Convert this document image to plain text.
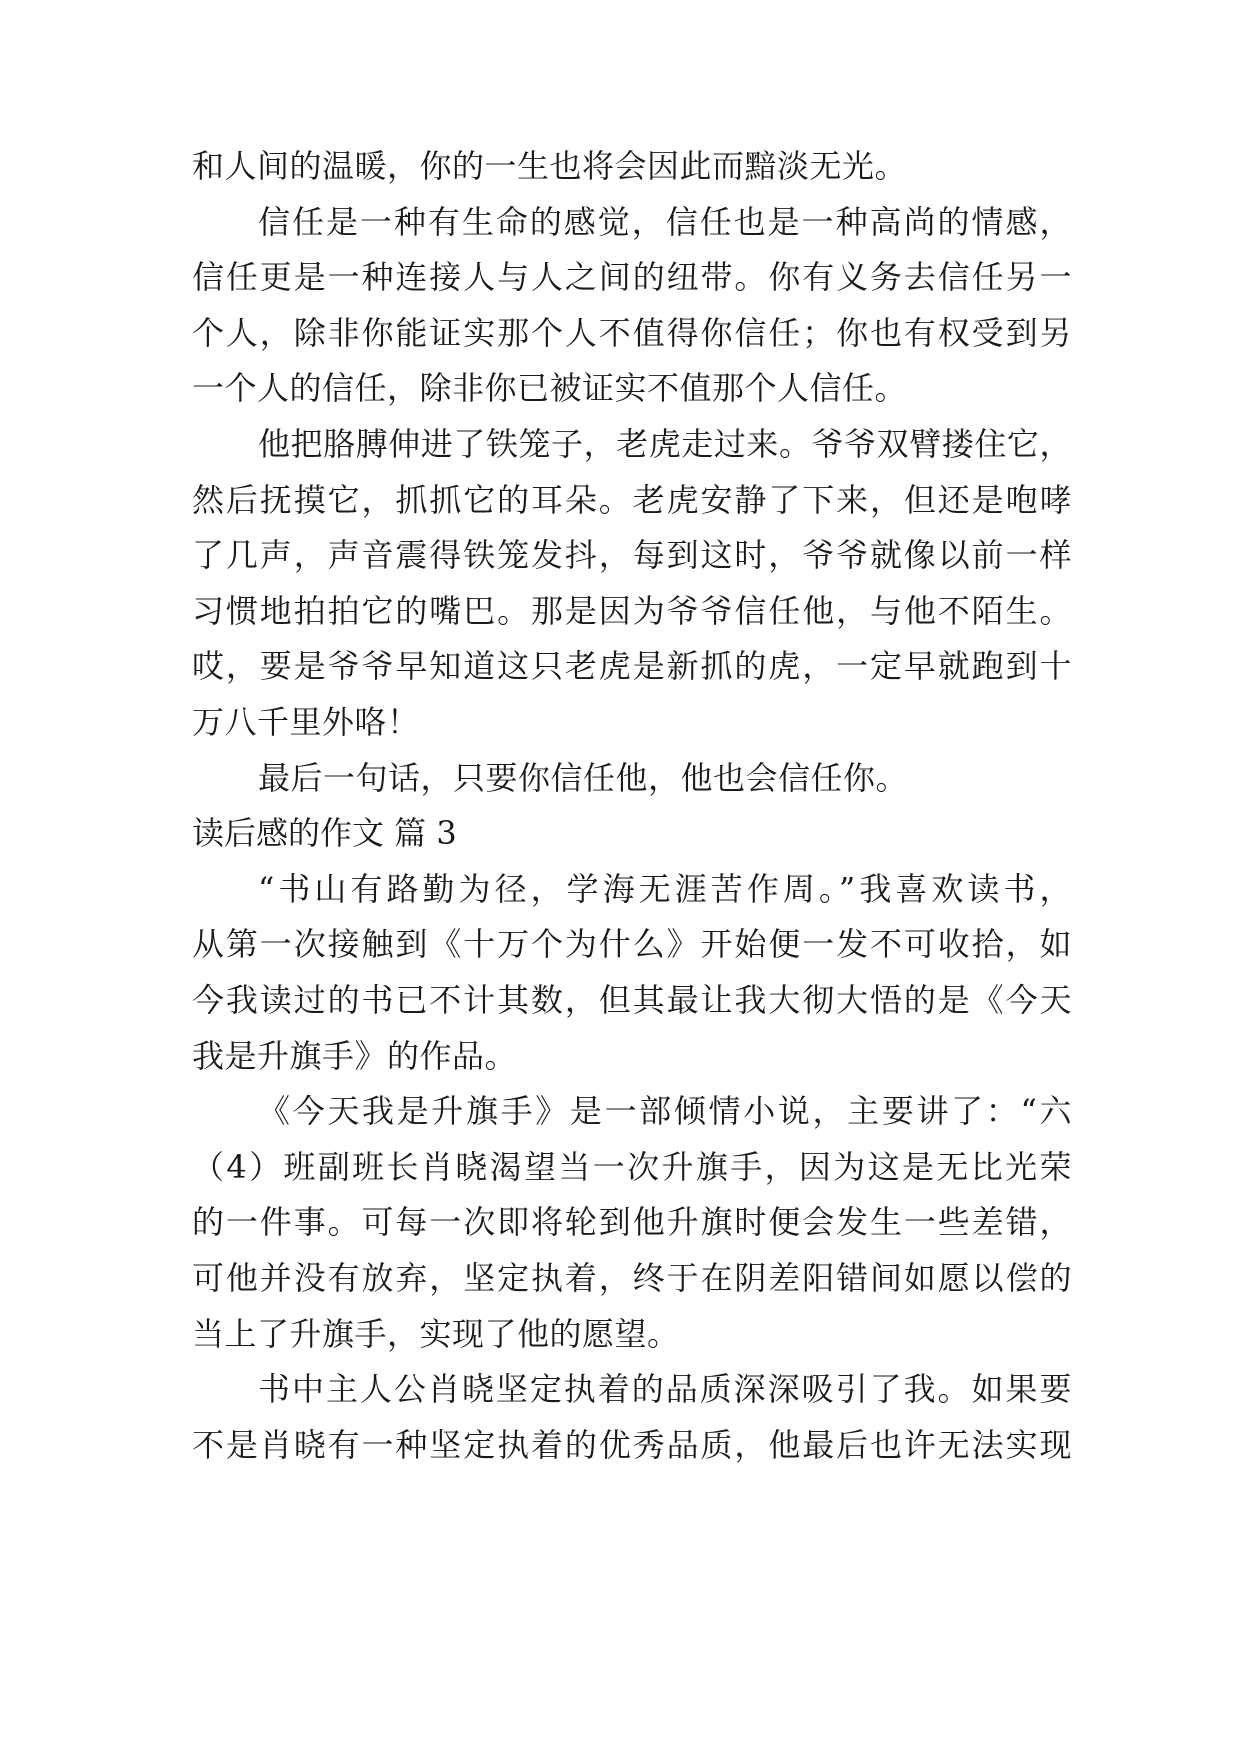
和人间的温暖，你的一生也将会因此而黯淡无光。
信任是一种有生命的感觉，信任也是一种高尚的情感，
信任更是一种连接人与人之间的纽带。你有义务去信任另一
个人，除非你能证实那个人不值得你信任；你也有权受到另
一个人的信任，除非你已被证实不值那个人信任。
他把胳膊伸进了铁笼子，老虎走过来。爷爷双臂搂住它，
然后抚摸它，抓抓它的耳朵。老虎安静了下来，但还是咆哮
了几声，声音震得铁笼发抖，每到这时，爷爷就像以前一样
习惯地拍拍它的嘴巴。那是因为爷爷信任他，与他不陌生。
哎，要是爷爷早知道这只老虎是新抓的虎，一定早就跑到十
万八千里外咯！
最后一句话，只要你信任他，他也会信任你。
读后感的作文 篇 3
“书山有路勤为径，学海无涯苦作周。”我喜欢读书，
从第一次接触到《十万个为什么》开始便一发不可收拾，如
今我读过的书已不计其数，但其最让我大彻大悟的是《今天
我是升旗手》的作品。
《今天我是升旗手》是一部倾情小说，主要讲了：“六
（4）班副班长肖晓渴望当一次升旗手，因为这是无比光荣
的一件事。可每一次即将轮到他升旗时便会发生一些差错，
可他并没有放弃，坚定执着，终于在阴差阳错间如愿以偿的
当上了升旗手，实现了他的愿望。
书中主人公肖晓坚定执着的品质深深吸引了我。如果要
不是肖晓有一种坚定执着的优秀品质，他最后也许无法实现
